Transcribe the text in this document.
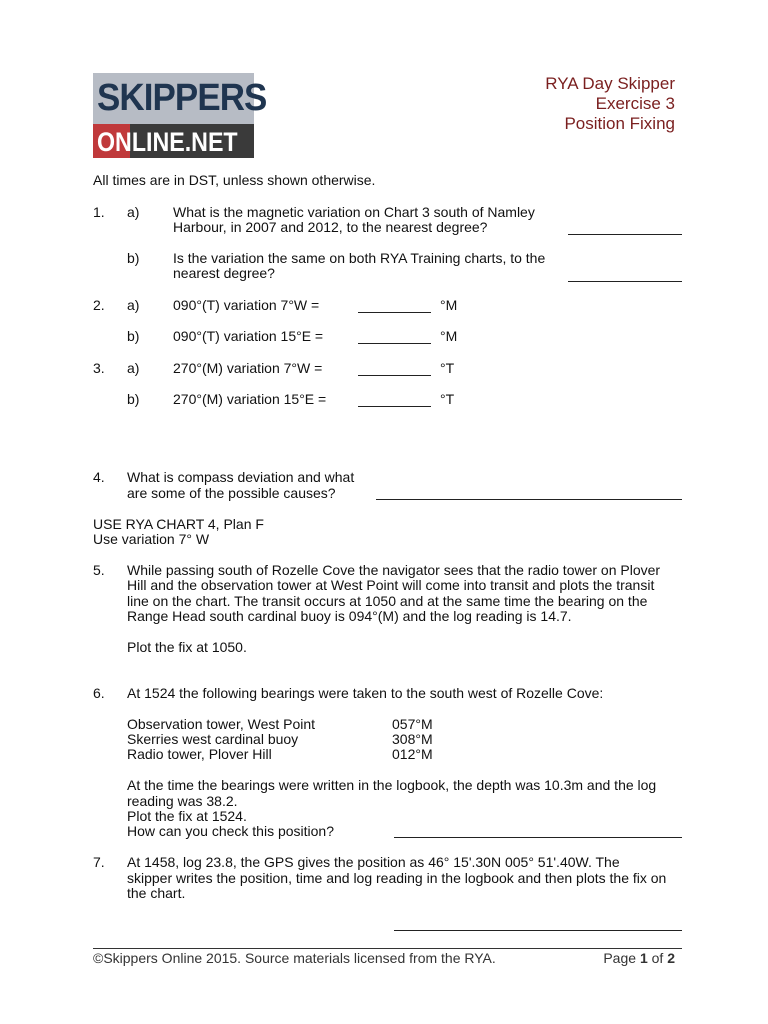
SKIPPERS
ONLINE.NET
RYA Day Skipper
Exercise 3
Position Fixing
All times are in DST, unless shown otherwise.
1. a) What is the magnetic variation on Chart 3 south of Namley
Harbour, in 2007 and 2012, to the nearest degree?
b) Is the variation the same on both RYA Training charts, to the
nearest degree?
2. a) 090°(T) variation 7°W =	°M
b) 090°(T) variation 15°E =	°M
3. a) 270°(M) variation 7°W =	°T
b) 270°(M) variation 15°E =	°T
4. What is compass deviation and what
are some of the possible causes?
USE RYA CHART 4, Plan F
Use variation 7° W
5. While passing south of Rozelle Cove the navigator sees that the radio tower on Plover
Hill and the observation tower at West Point will come into transit and plots the transit
line on the chart. The transit occurs at 1050 and at the same time the bearing on the
Range Head south cardinal buoy is 094°(M) and the log reading is 14.7.
Plot the fix at 1050.
6. At 1524 the following bearings were taken to the south west of Rozelle Cove:
Observation tower, West Point	057°M
Skerries west cardinal buoy	308°M
Radio tower, Plover Hill	012°M
At the time the bearings were written in the logbook, the depth was 10.3m and the log
reading was 38.2.
Plot the fix at 1524.
How can you check this position?
7. At 1458, log 23.8, the GPS gives the position as 46° 15'.30N 005° 51'.40W. The
skipper writes the position, time and log reading in the logbook and then plots the fix on
the chart.
©Skippers Online 2015. Source materials licensed from the RYA.	Page 1 of 2
